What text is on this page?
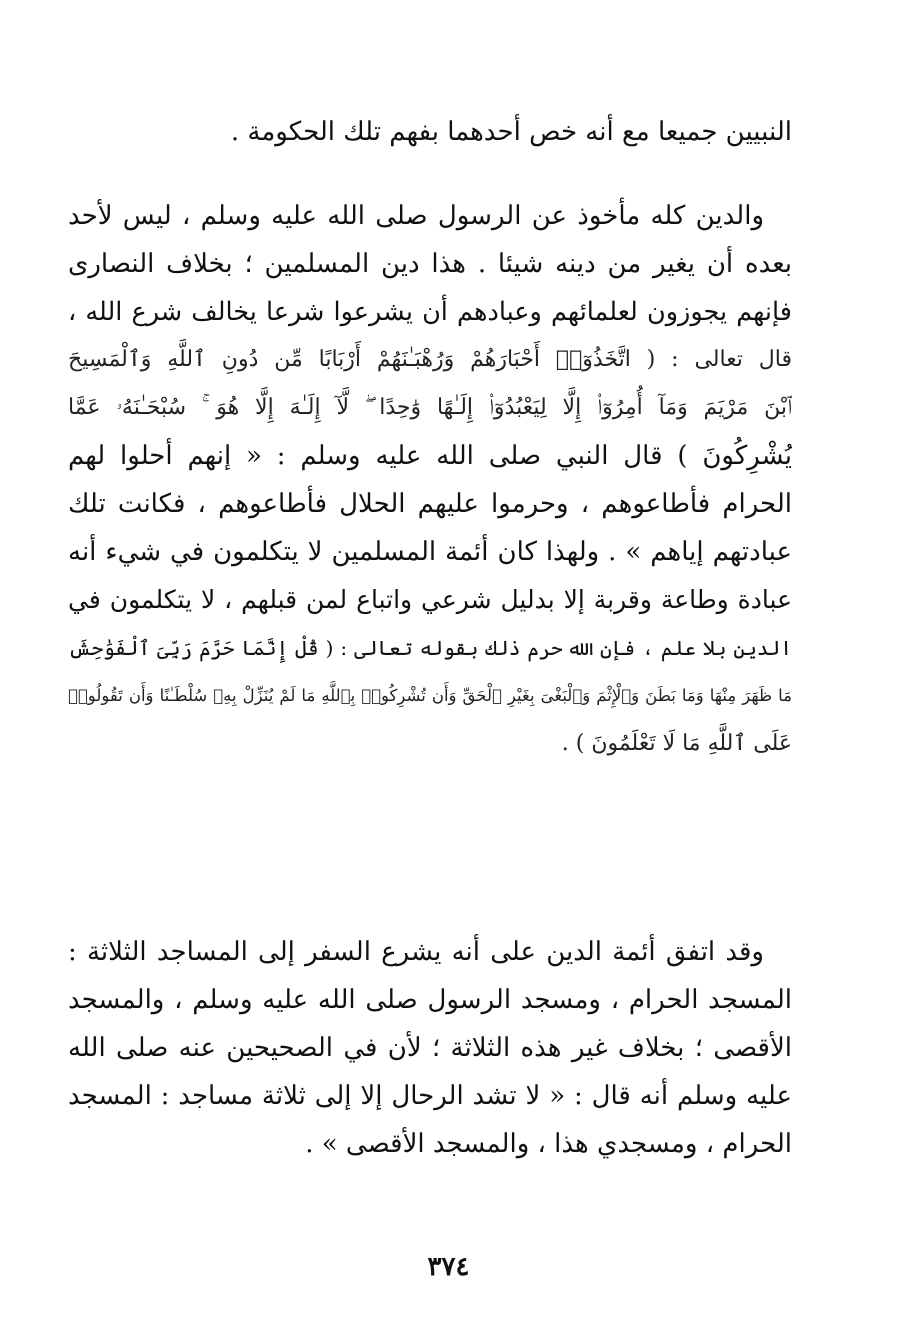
النبيين جميعا مع أنه خص أحدهما بفهم تلك الحكومة .
والدين كله مأخوذ عن الرسول صلى الله عليه وسلم ، ليس لأحد
بعده أن يغير من دينه شيئا . هذا دين المسلمين ؛ بخلاف النصارى
فإنهم يجوزون لعلمائهم وعبادهم أن يشرعوا شرعا يخالف شرع الله ،
قال تعالى : ( اتَّخَذُوٓا۟ أَحْبَارَهُمْ وَرُهْبَـٰنَهُمْ أَرْبَابًا مِّن دُونِ ٱللَّهِ وَٱلْمَسِيحَ
ٱبْنَ مَرْيَمَ وَمَآ أُمِرُوٓا۟ إِلَّا لِيَعْبُدُوٓا۟ إِلَـٰهًا وَٰحِدًا ۖ لَّآ إِلَـٰهَ إِلَّا هُوَ ۚ سُبْحَـٰنَهُۥ عَمَّا
يُشْرِكُونَ ) قال النبي صلى الله عليه وسلم : « إنهم أحلوا لهم
الحرام فأطاعوهم ، وحرموا عليهم الحلال فأطاعوهم ، فكانت تلك
عبادتهم إياهم » . ولهذا كان أئمة المسلمين لا يتكلمون في شيء أنه
عبادة وطاعة وقربة إلا بدليل شرعي واتباع لمن قبلهم ، لا يتكلمون في
الدين بلا علم ، فإن الله حرم ذلك بقوله تعالى : ( قُلْ إِنَّمَا حَرَّمَ رَبِّىَ ٱلْفَوَٰحِشَ
مَا ظَهَرَ مِنْهَا وَمَا بَطَنَ وَٱلْإِثْمَ وَٱلْبَغْىَ بِغَيْرِ ٱلْحَقِّ وَأَن تُشْرِكُوا۟ بِٱللَّهِ مَا لَمْ يُنَزِّلْ بِهِۦ سُلْطَـٰنًا وَأَن تَقُولُوا۟
عَلَى ٱللَّهِ مَا لَا تَعْلَمُونَ ) .
وقد اتفق أئمة الدين على أنه يشرع السفر إلى المساجد الثلاثة :
المسجد الحرام ، ومسجد الرسول صلى الله عليه وسلم ، والمسجد
الأقصى ؛ بخلاف غير هذه الثلاثة ؛ لأن في الصحيحين عنه صلى الله
عليه وسلم أنه قال : « لا تشد الرحال إلا إلى ثلاثة مساجد : المسجد
الحرام ، ومسجدي هذا ، والمسجد الأقصى » .
٣٧٤
